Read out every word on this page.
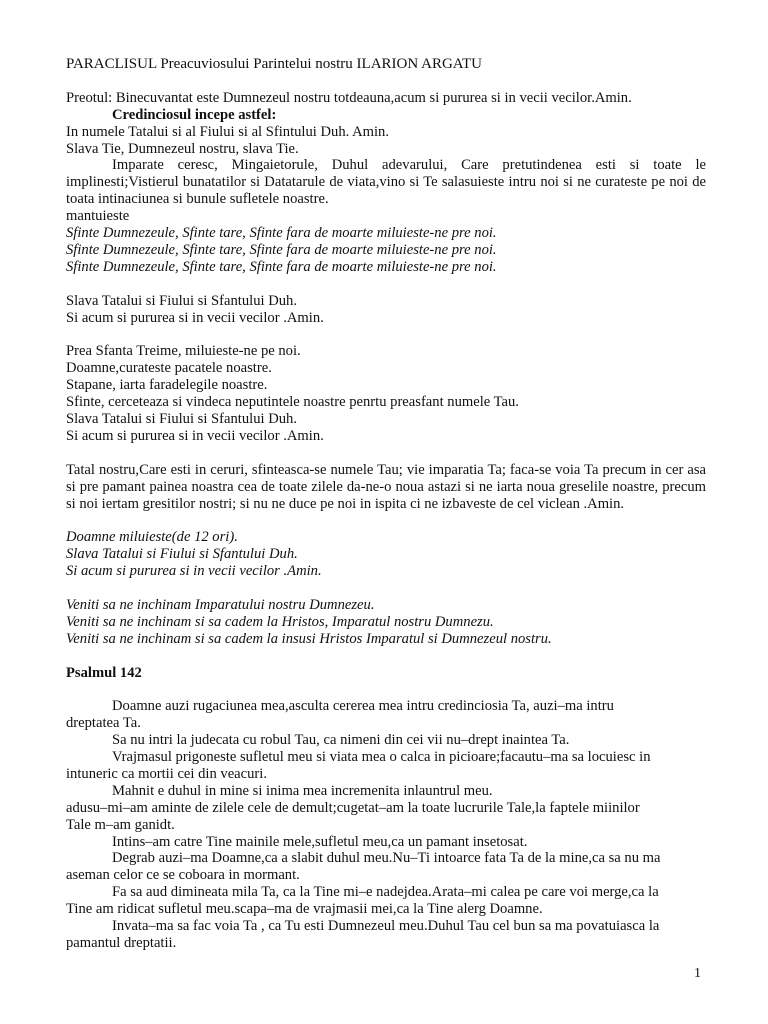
PARACLISUL Preacuviosului Parintelui nostru ILARION ARGATU
Preotul: Binecuvantat este Dumnezeul nostru totdeauna,acum si pururea si in vecii vecilor.Amin.
Credinciosul incepe astfel:
In numele Tatalui si al Fiului si al Sfintului Duh. Amin.
Slava Tie, Dumnezeul nostru, slava Tie.
Imparate ceresc, Mingaietorule, Duhul adevarului, Care pretutindenea esti si toate le implinesti;Vistierul bunatatilor si Datatarule de viata,vino si Te salasuieste intru noi si ne curateste pe noi de toata intinaciunea si bunule sufletele noastre.
mantuieste
Sfinte Dumnezeule, Sfinte tare, Sfinte fara de moarte miluieste-ne pre noi.
Sfinte Dumnezeule, Sfinte tare, Sfinte fara de moarte miluieste-ne pre noi.
Sfinte Dumnezeule, Sfinte tare, Sfinte fara de moarte miluieste-ne pre noi.
Slava Tatalui si Fiului si Sfantului Duh.
Si acum si pururea si in vecii vecilor .Amin.
Prea Sfanta Treime, miluieste-ne pe noi.
Doamne,curateste pacatele noastre.
Stapane, iarta faradelegile noastre.
Sfinte, cerceteaza si vindeca neputintele noastre penrtu preasfant numele Tau.
Slava Tatalui si Fiului si Sfantului Duh.
Si acum si pururea si in vecii vecilor .Amin.
Tatal nostru,Care esti in ceruri, sfinteasca-se numele Tau; vie imparatia Ta; faca-se voia Ta precum in cer asa si pre pamant painea noastra cea de toate zilele da-ne-o noua astazi si ne iarta noua greselile noastre, precum si noi iertam gresitilor nostri; si nu ne duce pe noi in ispita ci ne izbaveste de cel viclean .Amin.
Doamne miluieste(de 12 ori).
Slava Tatalui si Fiului si Sfantului Duh.
Si acum si pururea si in vecii vecilor .Amin.
Veniti sa ne inchinam Imparatului nostru Dumnezeu.
Veniti sa ne inchinam si sa cadem la Hristos, Imparatul nostru Dumnezu.
Veniti sa ne inchinam si sa cadem la insusi Hristos Imparatul si Dumnezeul nostru.
Psalmul 142
Doamne auzi rugaciunea mea,asculta cererea mea intru credinciosia Ta, auzi–ma intru
dreptatea Ta.
Sa nu intri la judecata cu robul Tau, ca nimeni din cei vii nu–drept inaintea Ta.
Vrajmasul prigoneste sufletul meu si viata mea o calca in picioare;facautu–ma sa locuiesc in
intuneric ca mortii cei din veacuri.
Mahnit e duhul in mine si inima mea incremenita inlauntrul meu.
adusu–mi–am aminte de zilele cele de demult;cugetat–am la toate lucrurile Tale,la faptele miinilor
Tale m–am ganidt.
Intins–am catre Tine mainile mele,sufletul meu,ca un pamant insetosat.
Degrab auzi–ma Doamne,ca a slabit duhul meu.Nu–Ti intoarce fata Ta de la mine,ca sa nu ma
aseman celor ce se coboara in mormant.
Fa sa aud dimineata mila Ta, ca la Tine mi–e nadejdea.Arata–mi calea pe care voi merge,ca la
Tine am ridicat sufletul meu.scapa–ma de vrajmasii mei,ca la Tine alerg Doamne.
Invata–ma sa fac voia Ta , ca Tu esti Dumnezeul meu.Duhul Tau cel bun sa ma povatuiasca la
pamantul dreptatii.
1
